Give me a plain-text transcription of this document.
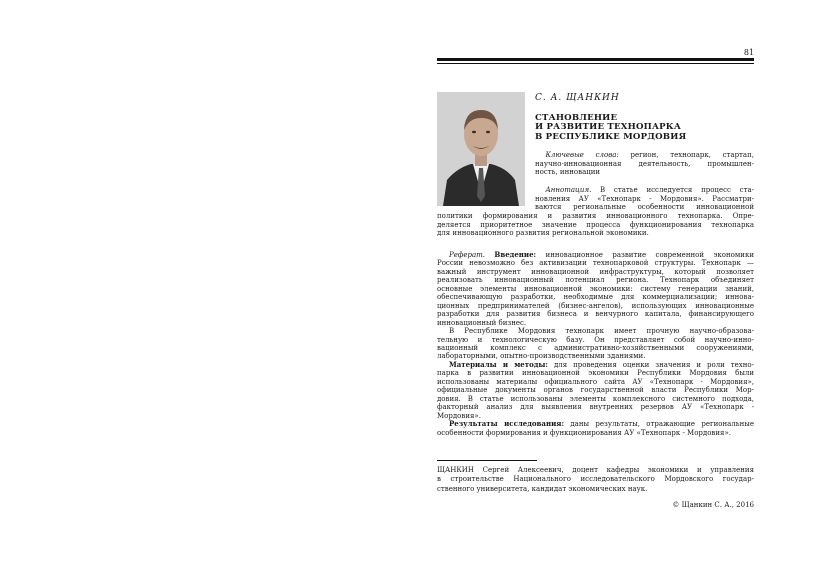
81
С. А. ЩАНКИН
СТАНОВЛЕНИЕ
И РАЗВИТИЕ ТЕХНОПАРКА
В РЕСПУБЛИКЕ МОРДОВИЯ
  Ключевые слова: регион, технопарк, стартап,
научно-инновационная деятельность, промышлен-
ность, инновации
  Аннотация. В статье исследуется процесс ста-
новления АУ «Технопарк - Мордовия». Рассматри-
ваются региональные особенности инновационной
политики формирования и развития инновационного технопарка. Опре-
деляется приоритетное значение процесса функционирования технопарка
для инновационного развития региональной экономики.
Реферат. Введение: инновационное развитие современной экономики
России невозможно без активизации технопарковой структуры. Технопарк —
важный инструмент инновационной инфраструктуры, который позволяет
реализовать инновационный потенциал региона. Технопарк объединяет
основные элементы инновационной экономики: систему генерации знаний,
обеспечивающую разработки, необходимые для коммерциализации; иннова-
ционных предпринимателей (бизнес-ангелов), использующих инновационные
разработки для развития бизнеса и венчурного капитала, финансирующего
инновационный бизнес.
В Республике Мордовия технопарк имеет прочную научно-образова-
тельную и технологическую базу. Он представляет собой научно-инно-
вационный комплекс с административно-хозяйственными сооружениями,
лабораторными, опытно-производственными зданиями.
Материалы и методы: для проведения оценки значения и роли техно-
парка в развитии инновационной экономики Республики Мордовия были
использованы материалы официального сайта АУ «Технопарк - Мордовия»,
официальные документы органов государственной власти Республики Мор-
довия. В статье использованы элементы комплексного системного подхода,
факторный анализ для выявления внутренних резервов АУ «Технопарк -
Мордовия».
Результаты исследования: даны результаты, отражающие региональные
особенности формирования и функционирования АУ «Технопарк - Мордовия».
ЩАНКИН Сергей Алексеевич, доцент кафедры экономики и управления
в строительстве Национального исследовательского Мордовского государ-
ственного университета, кандидат экономических наук.
© Щанкин С. А., 2016
